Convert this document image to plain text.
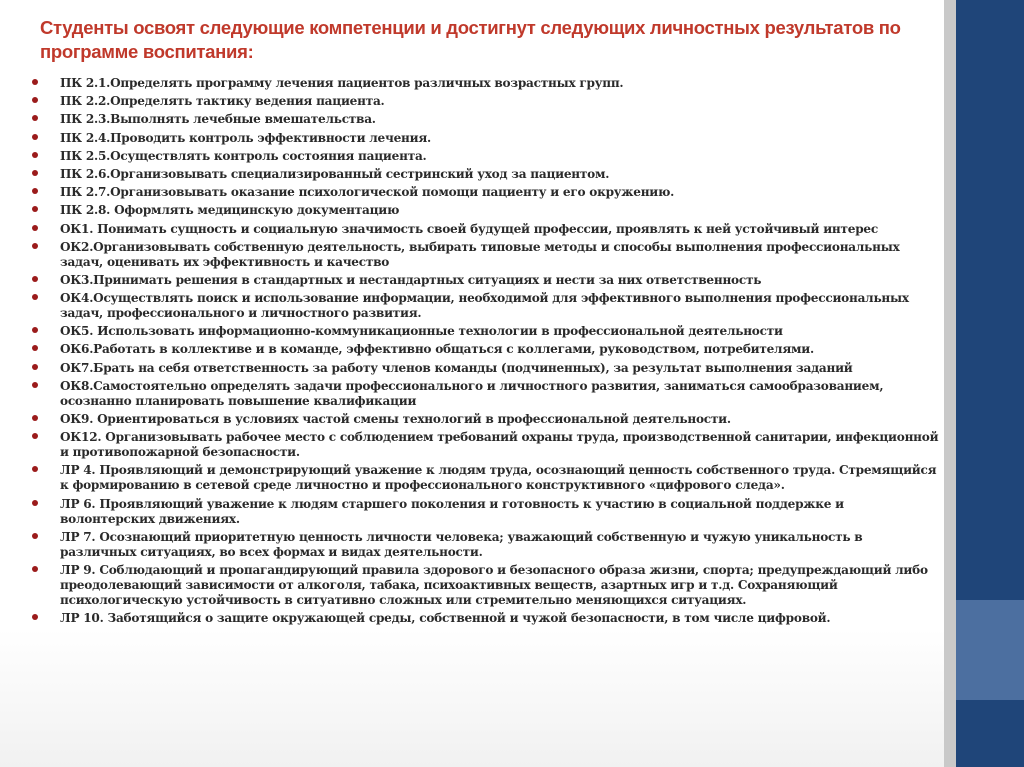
Студенты освоят следующие компетенции и достигнут следующих личностных результатов по программе воспитания:
ПК 2.1.Определять программу лечения пациентов различных возрастных групп.
ПК 2.2.Определять тактику ведения пациента.
ПК 2.3.Выполнять лечебные вмешательства.
ПК 2.4.Проводить контроль эффективности лечения.
ПК 2.5.Осуществлять контроль состояния пациента.
ПК 2.6.Организовывать специализированный сестринский уход за пациентом.
ПК 2.7.Организовывать оказание психологической помощи пациенту и его окружению.
ПК 2.8. Оформлять медицинскую документацию
ОК1. Понимать сущность и социальную значимость своей будущей профессии, проявлять к ней устойчивый интерес
ОК2.Организовывать собственную деятельность, выбирать типовые методы и способы выполнения профессиональных задач, оценивать их эффективность и качество
ОК3.Принимать решения в стандартных и нестандартных ситуациях и нести за них ответственность
ОК4.Осуществлять поиск и использование информации, необходимой для эффективного выполнения профессиональных задач, профессионального и личностного развития.
ОК5. Использовать информационно-коммуникационные технологии в профессиональной деятельности
ОК6.Работать в коллективе и в команде, эффективно общаться с коллегами, руководством, потребителями.
ОК7.Брать на себя ответственность за работу членов команды (подчиненных), за результат выполнения заданий
ОК8.Самостоятельно определять задачи профессионального и личностного развития, заниматься самообразованием, осознанно планировать повышение квалификации
ОК9. Ориентироваться в условиях частой смены технологий в профессиональной деятельности.
ОК12. Организовывать рабочее место с соблюдением требований охраны труда, производственной санитарии, инфекционной и противопожарной безопасности.
ЛР 4. Проявляющий и демонстрирующий уважение к людям труда, осознающий ценность собственного труда. Стремящийся к формированию в сетевой среде личностно и профессионального конструктивного «цифрового следа».
ЛР 6. Проявляющий уважение к людям старшего поколения и готовность к участию в социальной поддержке и волонтерских движениях.
ЛР 7. Осознающий приоритетную ценность личности человека; уважающий собственную и чужую уникальность в различных ситуациях, во всех формах и видах деятельности.
ЛР 9. Соблюдающий и пропагандирующий правила здорового и безопасного образа жизни, спорта; предупреждающий либо преодолевающий зависимости от алкоголя, табака, психоактивных веществ, азартных игр и т.д. Сохраняющий психологическую устойчивость в ситуативно сложных или стремительно меняющихся ситуациях.
ЛР 10. Заботящийся о защите окружающей среды, собственной и чужой безопасности, в том числе цифровой.
